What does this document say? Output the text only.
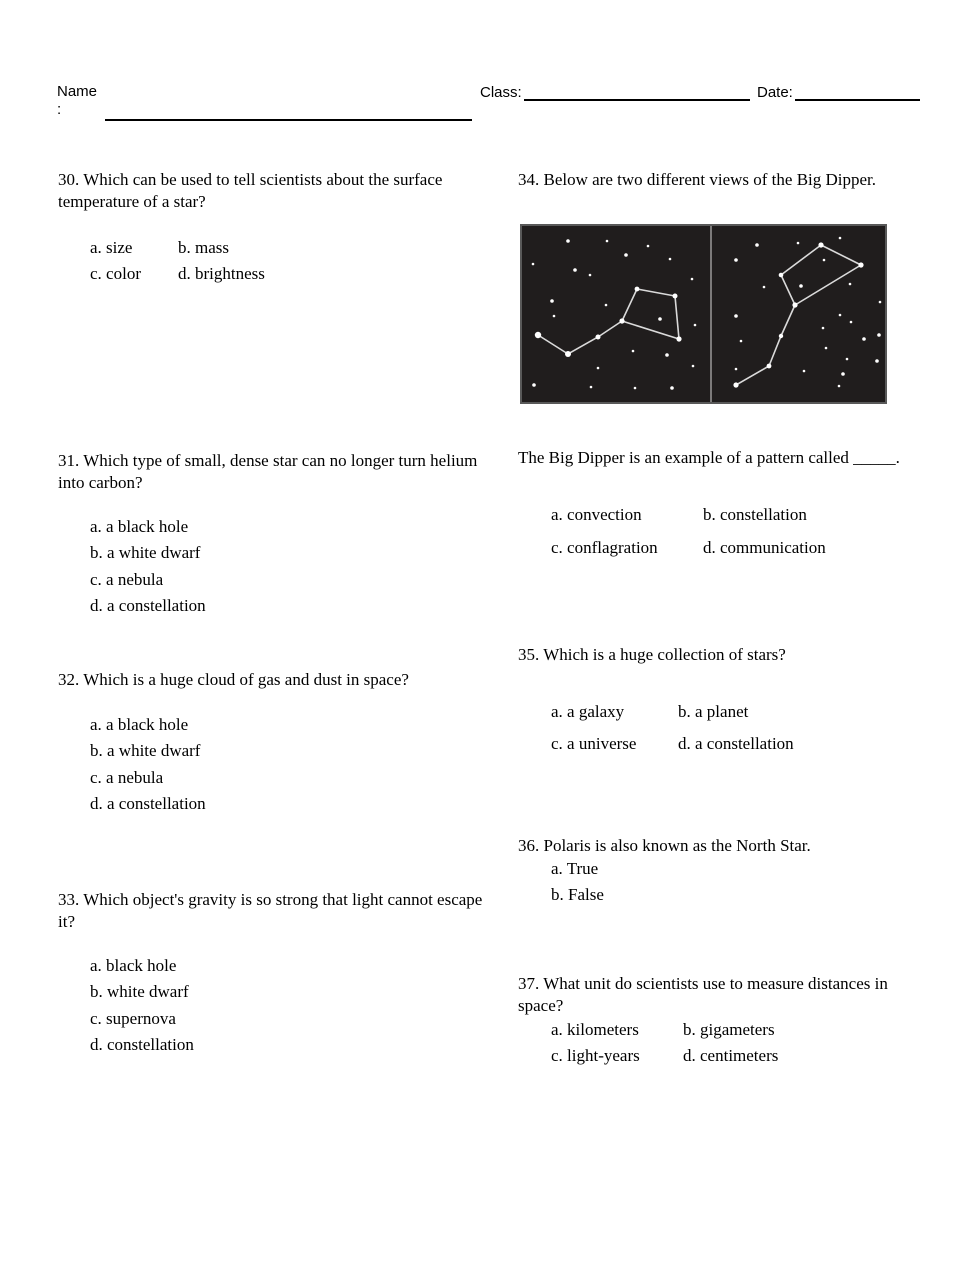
Name
:
Class:	Date:
30. Which can be used to tell scientists about the surface temperature of a star?
a. size	b. mass
c. color d. brightness
31. Which type of small, dense star can no longer turn helium into carbon?
a. a black hole
b. a white dwarf
c. a nebula
d. a constellation
32. Which is a huge cloud of gas and dust in space?
a. a black hole
b. a white dwarf
c. a nebula
d. a constellation
33. Which object's gravity is so strong that light cannot escape it?
a. black hole
b. white dwarf
c. supernova
d. constellation
34. Below are two different views of the Big Dipper.
The Big Dipper is an example of a pattern called _____.
a. convection	b. constellation
c. conflagration	d. communication
35. Which is a huge collection of stars?
a. a galaxy	b. a planet
c. a universe d. a constellation
36. Polaris is also known as the North Star.
a. True
b. False
37. What unit do scientists use to measure distances in space?
a. kilometers	b. gigameters
c. light-years	d. centimeters
